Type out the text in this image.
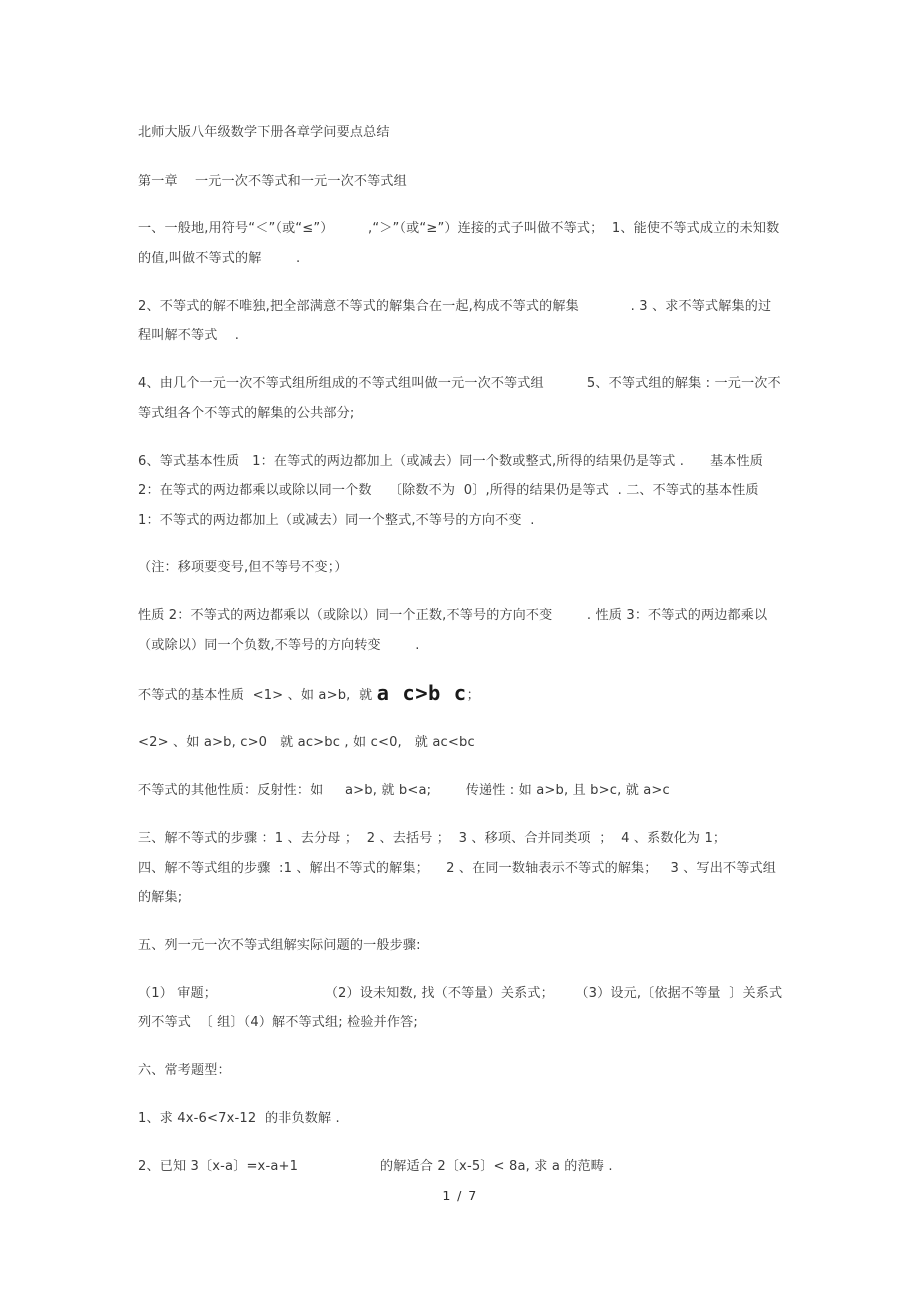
北师大版八年级数学下册各章学问要点总结

第一章    一元一次不等式和一元一次不等式组

一、一般地,用符号“＜”（或“≤”）        ,“＞”（或“≥”）连接的式子叫做不等式；  1、能使不等式成立的未知数的值,叫做不等式的解        .

2、不等式的解不唯独,把全部满意不等式的解集合在一起,构成不等式的解集            . 3 、求不等式解集的过程叫解不等式    .

4、由几个一元一次不等式组所组成的不等式组叫做一元一次不等式组          5、不等式组的解集 : 一元一次不等式组各个不等式的解集的公共部分;

6、等式基本性质   1：在等式的两边都加上（或减去）同一个数或整式,所得的结果仍是等式 .      基本性质  2：在等式的两边都乘以或除以同一个数    〔除数不为  0〕,所得的结果仍是等式  . 二、不等式的基本性质 1：不等式的两边都加上（或减去）同一个整式,不等号的方向不变  .

（注：移项要变号,但不等号不变；）

性质 2：不等式的两边都乘以（或除以）同一个正数,不等号的方向不变        . 性质 3：不等式的两边都乘以（或除以）同一个负数,不等号的方向转变        .

不等式的基本性质  <1> 、如 a>b,  就 a c>b c；

<2> 、如 a>b, c>0   就 ac>bc , 如 c<0,   就 ac<bc

不等式的其他性质：反射性：如     a>b, 就 b<a;        传递性 : 如 a>b, 且 b>c, 就 a>c

三、解不等式的步骤 ：1 、去分母 ；  2 、去括号 ；  3 、移项、合并同类项  ；  4 、系数化为 1；                 四、解不等式组的步骤  :1 、解出不等式的解集；    2 、在同一数轴表示不等式的解集；   3 、写出不等式组的解集;

五、列一元一次不等式组解实际问题的一般步骤:

（1） 审题；                         （2）设未知数, 找（不等量）关系式；     （3）设元,〔依据不等量  〕关系式列不等式  〔 组〕（4）解不等式组; 检验并作答;

六、常考题型：

1、求 4x-6<7x-12  的非负数解 .

2、已知 3〔x-a〕=x-a+1                   的解适合 2〔x-5〕< 8a, 求 a 的范畴 .

1 / 7
